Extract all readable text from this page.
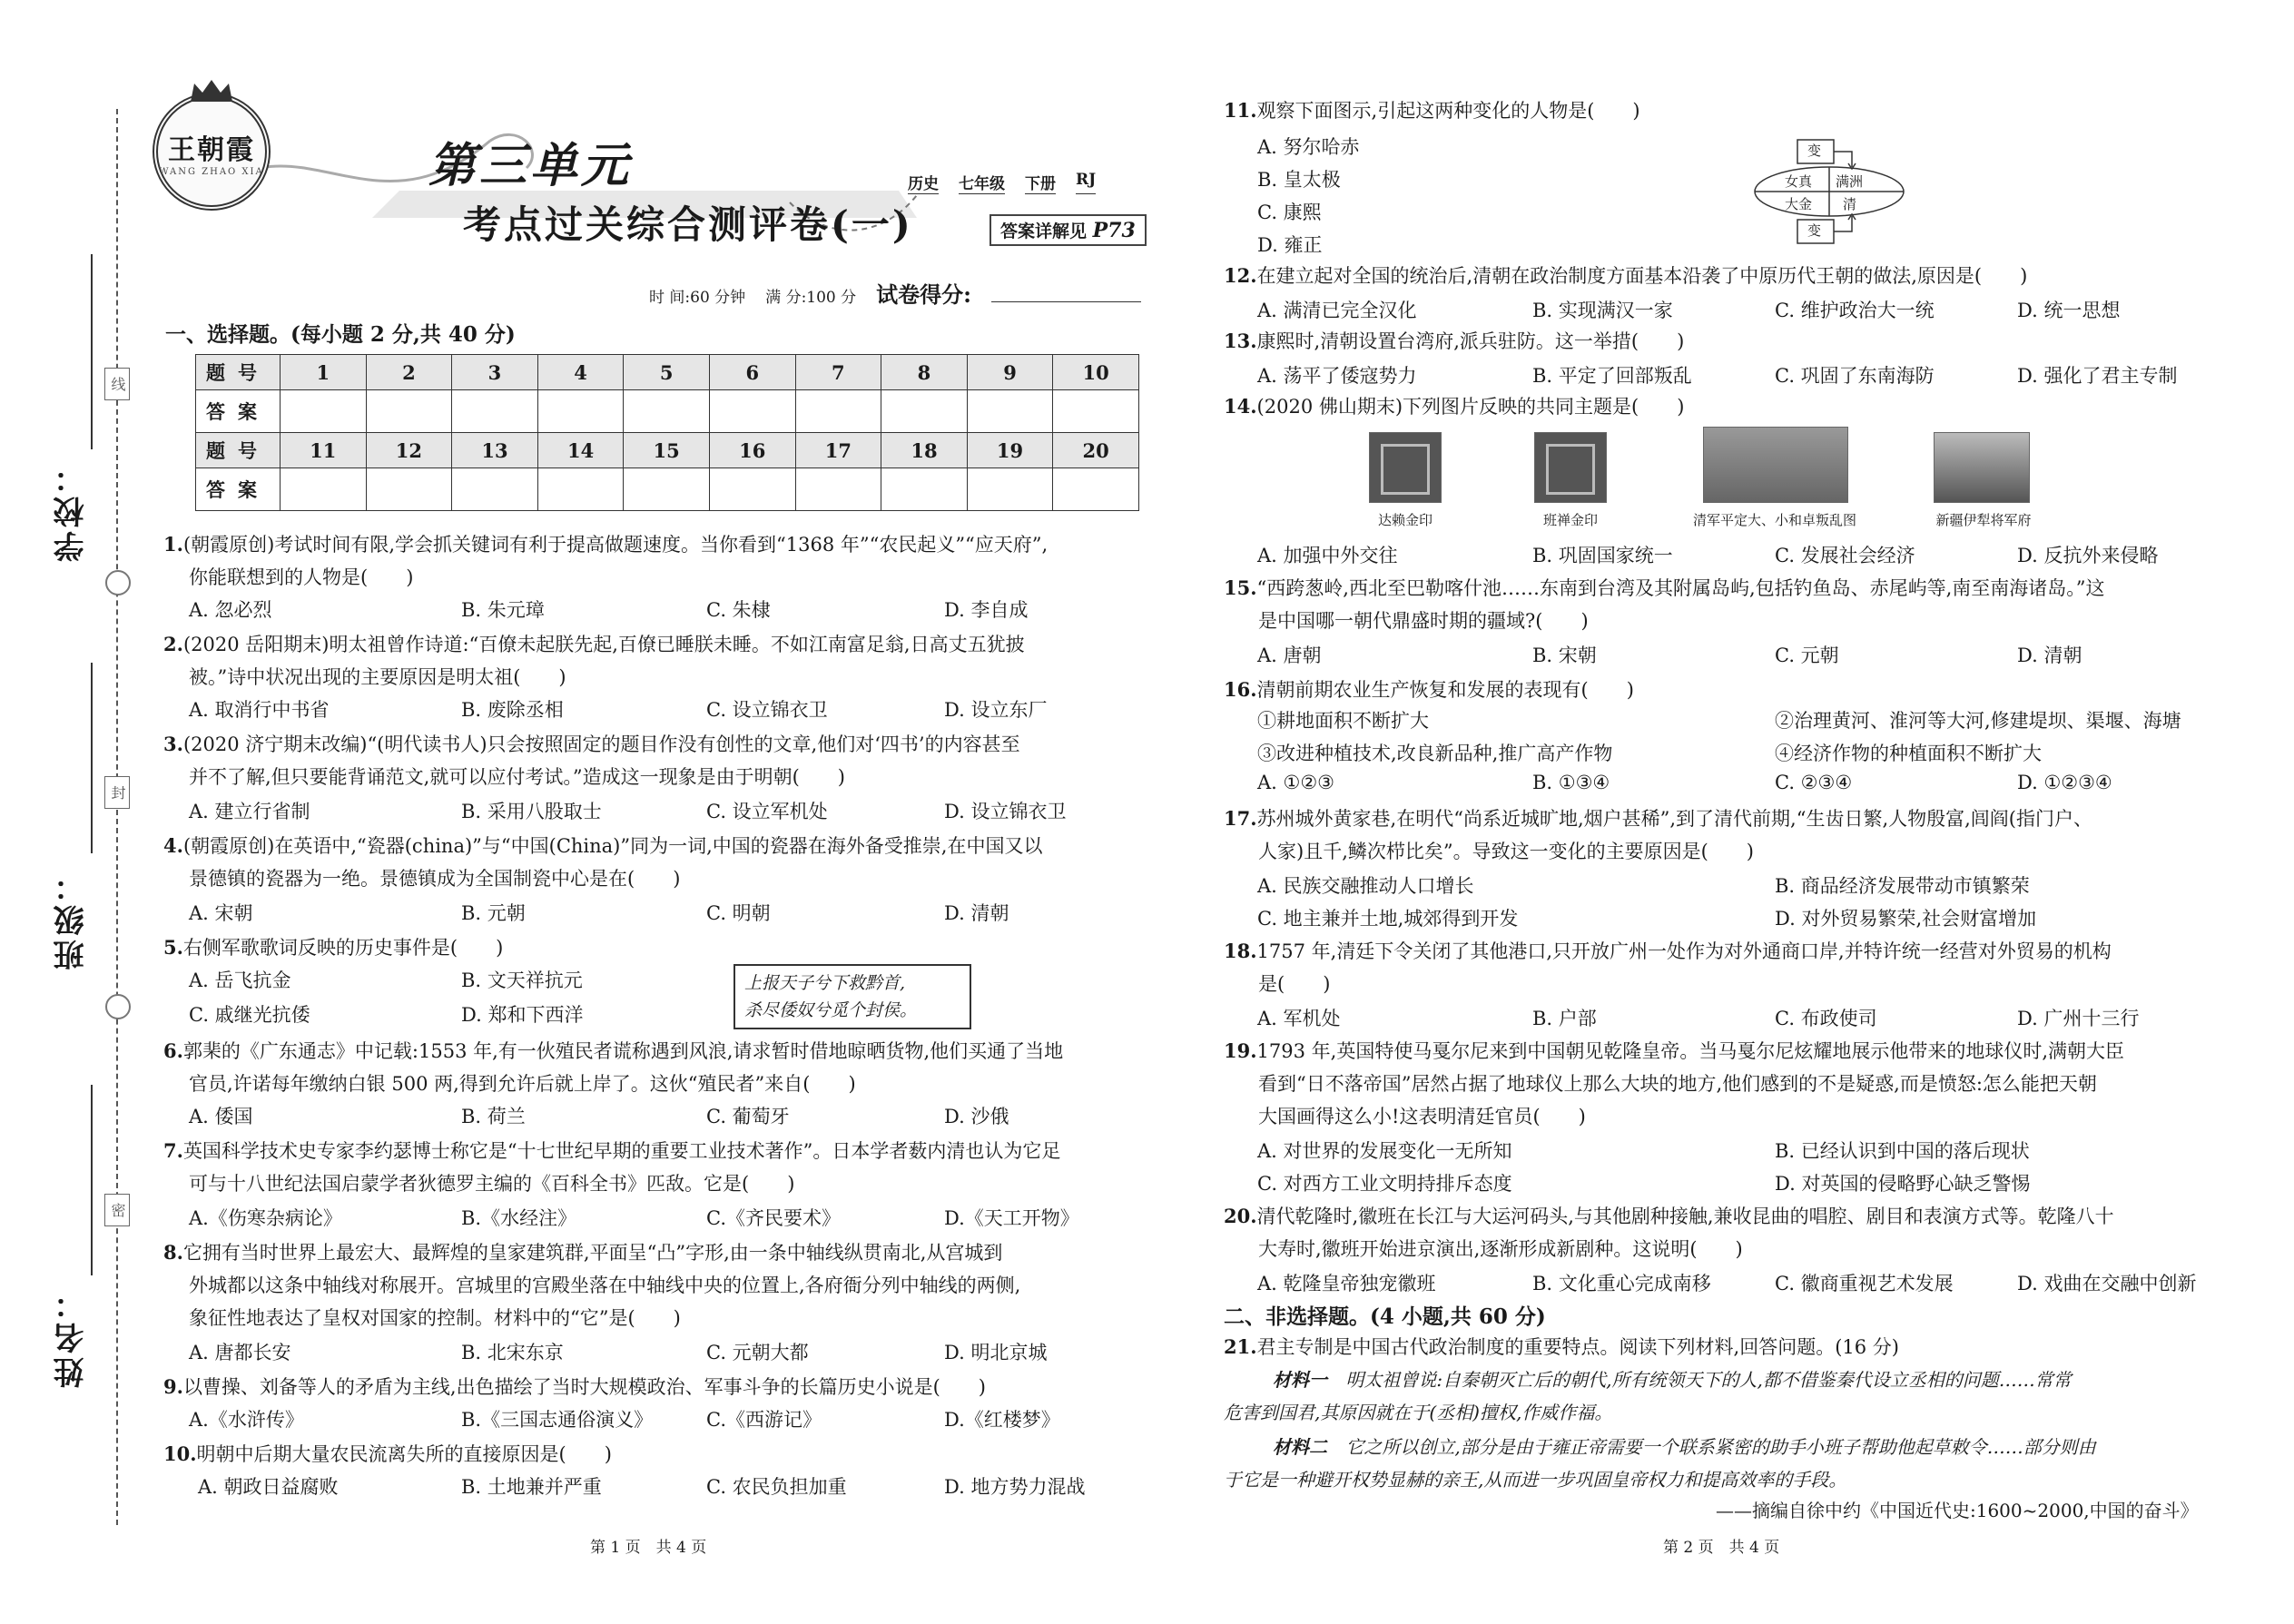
线
封
密
学校：
班级：
姓名：
王朝霞
WANG ZHAO XIA	第三单元
考点过关综合测评卷(一)
历史 七年级 下册 RJ
答案详解见 P73
时 间:60 分钟 满 分:100 分 试卷得分:
一、选择题。(每小题 2 分,共 40 分)
题号	1	2	3	4	5	6	7	8	9	10
答案										
题号	11	12	13	14	15	16	17	18	19	20
答案										
1.(朝霞原创)考试时间有限,学会抓关键词有利于提高做题速度。当你看到“1368 年”“农民起义”“应天府”,
你能联想到的人物是(　　)
A. 忽必烈	B. 朱元璋	C. 朱棣	D. 李自成
2.(2020 岳阳期末)明太祖曾作诗道:“百僚未起朕先起,百僚已睡朕未睡。不如江南富足翁,日高丈五犹披
被。”诗中状况出现的主要原因是明太祖(　　)
A. 取消行中书省	B. 废除丞相	C. 设立锦衣卫	D. 设立东厂
3.(2020 济宁期末改编)“(明代读书人)只会按照固定的题目作没有创性的文章,他们对‘四书’的内容甚至
并不了解,但只要能背诵范文,就可以应付考试。”造成这一现象是由于明朝(　　)
A. 建立行省制	B. 采用八股取士	C. 设立军机处	D. 设立锦衣卫
4.(朝霞原创)在英语中,“瓷器(china)”与“中国(China)”同为一词,中国的瓷器在海外备受推崇,在中国又以
景德镇的瓷器为一绝。景德镇成为全国制瓷中心是在(　　)
A. 宋朝	B. 元朝	C. 明朝	D. 清朝
5.右侧军歌歌词反映的历史事件是(　　)
A. 岳飞抗金	B. 文天祥抗元
C. 戚继光抗倭	D. 郑和下西洋
上报天子兮下救黔首,
杀尽倭奴兮觅个封侯。
6.郭棐的《广东通志》中记载:1553 年,有一伙殖民者谎称遇到风浪,请求暂时借地晾晒货物,他们买通了当地
官员,许诺每年缴纳白银 500 两,得到允许后就上岸了。这伙“殖民者”来自(　　)
A. 倭国	B. 荷兰	C. 葡萄牙	D. 沙俄
7.英国科学技术史专家李约瑟博士称它是“十七世纪早期的重要工业技术著作”。日本学者薮内清也认为它足
可与十八世纪法国启蒙学者狄德罗主编的《百科全书》匹敌。它是(　　)
A.《伤寒杂病论》	B.《水经注》	C.《齐民要术》	D.《天工开物》
8.它拥有当时世界上最宏大、最辉煌的皇家建筑群,平面呈“凸”字形,由一条中轴线纵贯南北,从宫城到
外城都以这条中轴线对称展开。宫城里的宫殿坐落在中轴线中央的位置上,各府衙分列中轴线的两侧,
象征性地表达了皇权对国家的控制。材料中的“它”是(　　)
A. 唐都长安	B. 北宋东京	C. 元朝大都	D. 明北京城
9.以曹操、刘备等人的矛盾为主线,出色描绘了当时大规模政治、军事斗争的长篇历史小说是(　　)
A.《水浒传》	B.《三国志通俗演义》	C.《西游记》	D.《红楼梦》
10.明朝中后期大量农民流离失所的直接原因是(　　)
A. 朝政日益腐败	B. 土地兼并严重	C. 农民负担加重	D. 地方势力混战
11.观察下面图示,引起这两种变化的人物是(　　)
A. 努尔哈赤
B. 皇太极
C. 康熙
D. 雍正
变
变
女真 满洲
大金 清
12.在建立起对全国的统治后,清朝在政治制度方面基本沿袭了中原历代王朝的做法,原因是(　　)
A. 满清已完全汉化	B. 实现满汉一家	C. 维护政治大一统	D. 统一思想
13.康熙时,清朝设置台湾府,派兵驻防。这一举措(　　)
A. 荡平了倭寇势力	B. 平定了回部叛乱	C. 巩固了东南海防	D. 强化了君主专制
14.(2020 佛山期末)下列图片反映的共同主题是(　　)
达赖金印	班禅金印	清军平定大、小和卓叛乱图	新疆伊犁将军府
A. 加强中外交往	B. 巩固国家统一	C. 发展社会经济	D. 反抗外来侵略
15.“西跨葱岭,西北至巴勒喀什池……东南到台湾及其附属岛屿,包括钓鱼岛、赤尾屿等,南至南海诸岛。”这
是中国哪一朝代鼎盛时期的疆域?(　　)
A. 唐朝	B. 宋朝	C. 元朝	D. 清朝
16.清朝前期农业生产恢复和发展的表现有(　　)
①耕地面积不断扩大	②治理黄河、淮河等大河,修建堤坝、渠堰、海塘
③改进种植技术,改良新品种,推广高产作物	④经济作物的种植面积不断扩大
A. ①②③	B. ①③④	C. ②③④	D. ①②③④
17.苏州城外黄家巷,在明代“尚系近城旷地,烟户甚稀”,到了清代前期,“生齿日繁,人物殷富,闾阎(指门户、
人家)且千,鳞次栉比矣”。导致这一变化的主要原因是(　　)
A. 民族交融推动人口增长	B. 商品经济发展带动市镇繁荣
C. 地主兼并土地,城郊得到开发	D. 对外贸易繁荣,社会财富增加
18.1757 年,清廷下令关闭了其他港口,只开放广州一处作为对外通商口岸,并特许统一经营对外贸易的机构
是(　　)
A. 军机处	B. 户部	C. 布政使司	D. 广州十三行
19.1793 年,英国特使马戛尔尼来到中国朝见乾隆皇帝。当马戛尔尼炫耀地展示他带来的地球仪时,满朝大臣
看到“日不落帝国”居然占据了地球仪上那么大块的地方,他们感到的不是疑惑,而是愤怒:怎么能把天朝
大国画得这么小!这表明清廷官员(　　)
A. 对世界的发展变化一无所知	B. 已经认识到中国的落后现状
C. 对西方工业文明持排斥态度	D. 对英国的侵略野心缺乏警惕
20.清代乾隆时,徽班在长江与大运河码头,与其他剧种接触,兼收昆曲的唱腔、剧目和表演方式等。乾隆八十
大寿时,徽班开始进京演出,逐渐形成新剧种。这说明(　　)
A. 乾隆皇帝独宠徽班	B. 文化重心完成南移	C. 徽商重视艺术发展	D. 戏曲在交融中创新
二、非选择题。(4 小题,共 60 分)
21.君主专制是中国古代政治制度的重要特点。阅读下列材料,回答问题。(16 分)
材料一 明太祖曾说:自秦朝灭亡后的朝代,所有统领天下的人,都不借鉴秦代设立丞相的问题……常常
危害到国君,其原因就在于(丞相)擅权,作威作福。
材料二 它之所以创立,部分是由于雍正帝需要一个联系紧密的助手小班子帮助他起草敕令……部分则由
于它是一种避开权势显赫的亲王,从而进一步巩固皇帝权力和提高效率的手段。
——摘编自徐中约《中国近代史:1600~2000,中国的奋斗》
第 1 页　共 4 页	第 2 页　共 4 页
